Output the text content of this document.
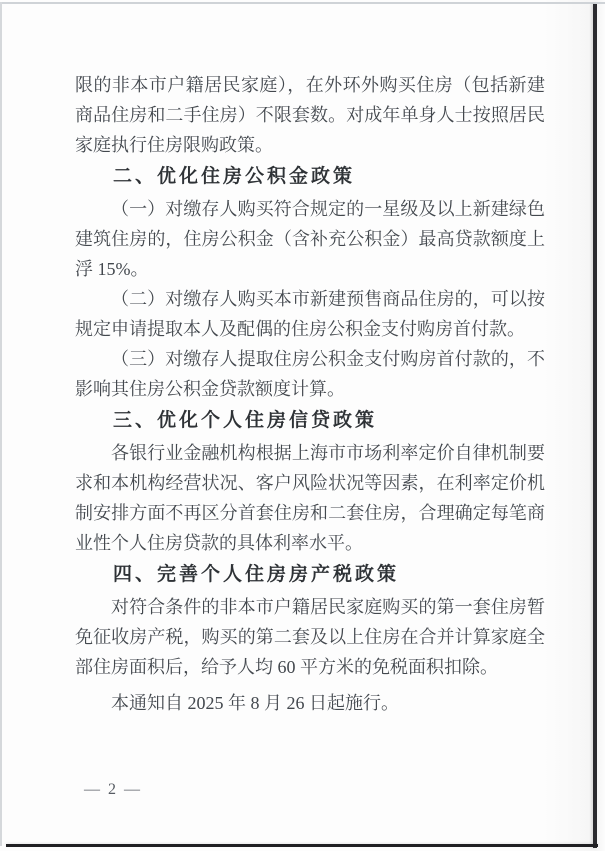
限的非本市户籍居民家庭），在外环外购买住房（包括新建商品住房和二手住房）不限套数。对成年单身人士按照居民家庭执行住房限购政策。
二、优化住房公积金政策
（一）对缴存人购买符合规定的一星级及以上新建绿色建筑住房的，住房公积金（含补充公积金）最高贷款额度上浮 15%。
（二）对缴存人购买本市新建预售商品住房的，可以按规定申请提取本人及配偶的住房公积金支付购房首付款。
（三）对缴存人提取住房公积金支付购房首付款的，不影响其住房公积金贷款额度计算。
三、优化个人住房信贷政策
各银行业金融机构根据上海市市场利率定价自律机制要求和本机构经营状况、客户风险状况等因素，在利率定价机制安排方面不再区分首套住房和二套住房，合理确定每笔商业性个人住房贷款的具体利率水平。
四、完善个人住房房产税政策
对符合条件的非本市户籍居民家庭购买的第一套住房暂免征收房产税，购买的第二套及以上住房在合并计算家庭全部住房面积后，给予人均 60 平方米的免税面积扣除。
本通知自 2025 年 8 月 26 日起施行。
— 2 —
